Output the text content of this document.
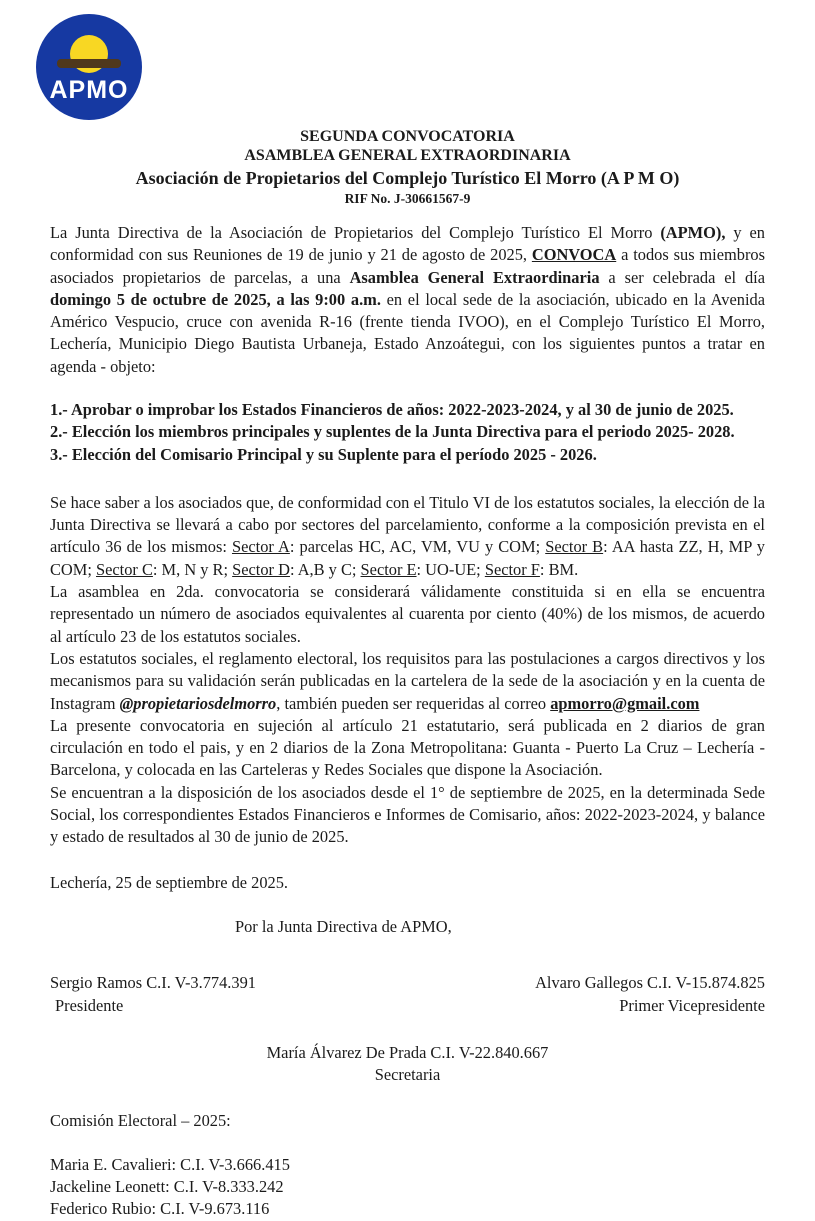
APMO
SEGUNDA CONVOCATORIA
ASAMBLEA GENERAL EXTRAORDINARIA
Asociación de Propietarios del Complejo Turístico El Morro (A P M O)
RIF No. J-30661567-9

La Junta Directiva de la Asociación de Propietarios del Complejo Turístico El Morro (APMO), y en conformidad con sus Reuniones de 19 de junio y 21 de agosto de 2025, CONVOCA a todos sus miembros asociados propietarios de parcelas, a una Asamblea General Extraordinaria a ser celebrada el día domingo 5 de octubre de 2025, a las 9:00 a.m. en el local sede de la asociación, ubicado en la Avenida Américo Vespucio, cruce con avenida R-16 (frente tienda IVOO), en el Complejo Turístico El Morro, Lechería, Municipio Diego Bautista Urbaneja, Estado Anzoátegui, con los siguientes puntos a tratar en agenda - objeto:

1.- Aprobar o improbar los Estados Financieros de años: 2022-2023-2024, y al 30 de junio de 2025.
2.- Elección los miembros principales y suplentes de la Junta Directiva para el periodo 2025- 2028.
3.- Elección del Comisario Principal y su Suplente para el período 2025 - 2026.

Se hace saber a los asociados que, de conformidad con el Titulo VI de los estatutos sociales, la elección de la Junta Directiva se llevará a cabo por sectores del parcelamiento, conforme a la composición prevista en el artículo 36 de los mismos: Sector A: parcelas HC, AC, VM, VU y COM; Sector B: AA hasta ZZ, H, MP y COM; Sector C: M, N y R; Sector D: A,B y C; Sector E: UO-UE; Sector F: BM.

La asamblea en 2da. convocatoria se considerará válidamente constituida si en ella se encuentra representado un número de asociados equivalentes al cuarenta por ciento (40%) de los mismos, de acuerdo al artículo 23 de los estatutos sociales.

Los estatutos sociales, el reglamento electoral, los requisitos para las postulaciones a cargos directivos y los mecanismos para su validación serán publicadas en la cartelera de la sede de la asociación y en la cuenta de Instagram @propietariosdelmorro, también pueden ser requeridas al correo apmorro@gmail.com

La presente convocatoria en sujeción al artículo 21 estatutario, será publicada en 2 diarios de gran circulación en todo el pais, y en 2 diarios de la Zona Metropolitana: Guanta - Puerto La Cruz – Lechería - Barcelona, y colocada en las Carteleras y Redes Sociales que dispone la Asociación.

Se encuentran a la disposición de los asociados desde el 1° de septiembre de 2025, en la determinada Sede Social, los correspondientes Estados Financieros e Informes de Comisario, años: 2022-2023-2024, y balance y estado de resultados al 30 de junio de 2025.

Lechería, 25 de septiembre de 2025.
Por la Junta Directiva de APMO,
Sergio Ramos C.I. V-3.774.391
Presidente
Alvaro Gallegos C.I. V-15.874.825
Primer Vicepresidente
María Álvarez De Prada C.I. V-22.840.667
Secretaria
Comisión Electoral – 2025:
Maria E. Cavalieri: C.I. V-3.666.415
Jackeline Leonett: C.I. V-8.333.242
Federico Rubio: C.I. V-9.673.116
